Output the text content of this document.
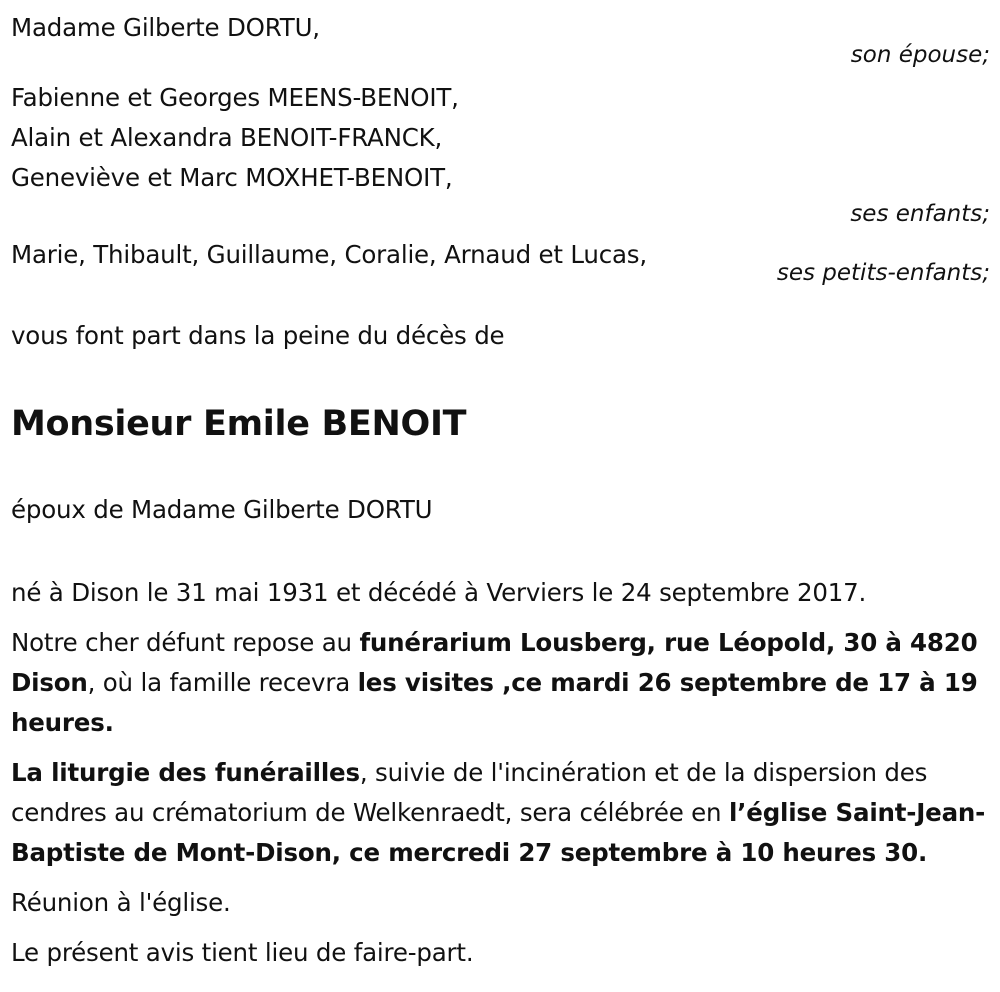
Madame Gilberte DORTU,
son épouse;
Fabienne et Georges MEENS-BENOIT,
Alain et Alexandra BENOIT-FRANCK,
Geneviève et Marc MOXHET-BENOIT,
ses enfants;
Marie, Thibault, Guillaume, Coralie, Arnaud et Lucas,
ses petits-enfants;
vous font part dans la peine du décès de
Monsieur Emile BENOIT
époux de Madame Gilberte DORTU
né à Dison le 31 mai 1931 et décédé à Verviers le 24 septembre 2017.
Notre cher défunt repose au funérarium Lousberg, rue Léopold, 30 à 4820 Dison, où la famille recevra les visites ,ce mardi 26 septembre de 17 à 19 heures.
La liturgie des funérailles, suivie de l'incinération et de la dispersion des cendres au crématorium de Welkenraedt, sera célébrée en l’église Saint-Jean-Baptiste de Mont-Dison, ce mercredi 27 septembre à 10 heures 30.
Réunion à l'église.
Le présent avis tient lieu de faire-part.
